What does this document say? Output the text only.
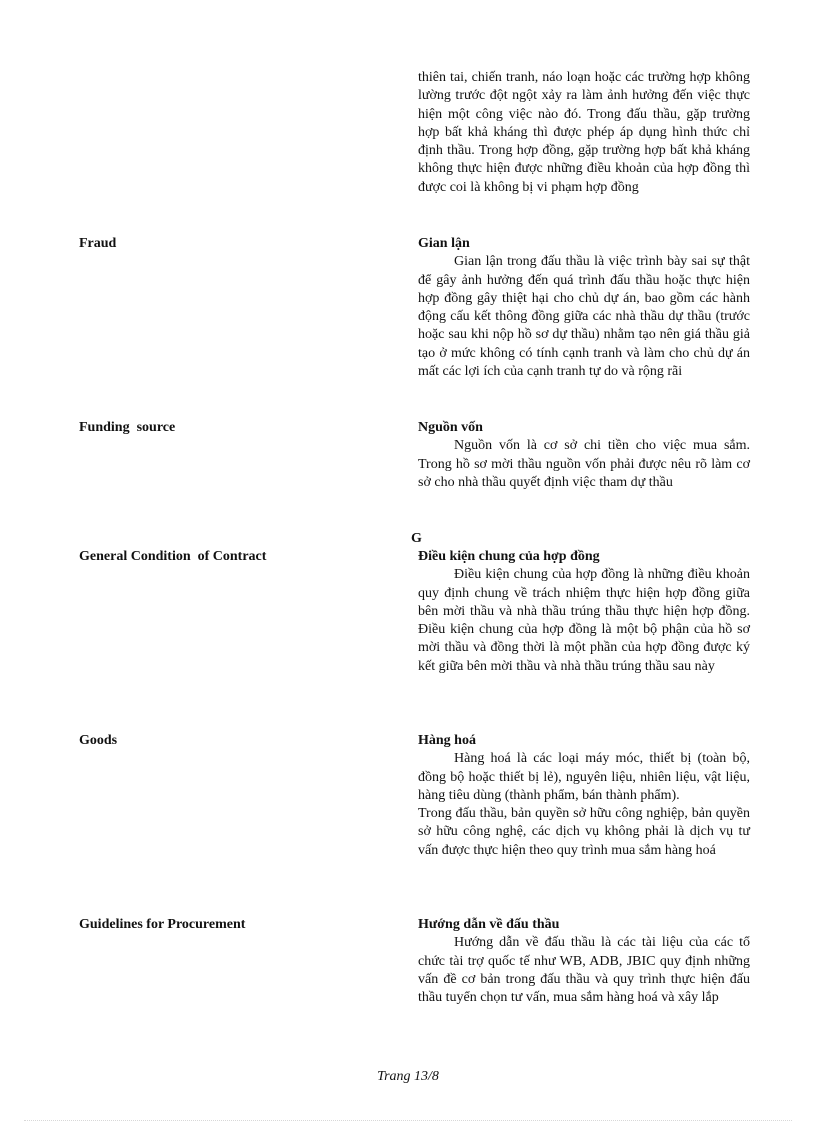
thiên tai, chiến tranh, náo loạn hoặc các trường hợp không lường trước đột ngột xảy ra làm ảnh hưởng đến việc thực hiện một công việc nào đó. Trong đấu thầu, gặp trường hợp bất khả kháng thì được phép áp dụng hình thức chỉ định thầu. Trong hợp đồng, gặp trường hợp bất khả kháng không thực hiện được những điều khoản của hợp đồng thì được coi là không bị vi phạm hợp đồng

Fraud	Gian lận

Gian lận trong đấu thầu là việc trình bày sai sự thật để gây ảnh hưởng đến quá trình đấu thầu hoặc thực hiện hợp đồng gây thiệt hại cho chủ dự án, bao gồm các hành động cấu kết thông đồng giữa các nhà thầu dự thầu (trước hoặc sau khi nộp hồ sơ dự thầu) nhằm tạo nên giá thầu giả tạo ở mức không có tính cạnh tranh và làm cho chủ dự án mất các lợi ích của cạnh tranh tự do và rộng rãi

Funding  source	Nguồn vốn

Nguồn vốn là cơ sở chi tiền cho việc mua sắm. Trong hồ sơ mời thầu nguồn vốn phải được nêu rõ làm cơ sở cho nhà thầu quyết định việc tham dự thầu

G
General Condition  of Contract	Điều kiện chung của hợp đồng

Điều kiện chung của hợp đồng là những điều khoản quy định chung về trách nhiệm thực hiện hợp đồng giữa bên mời thầu và nhà thầu trúng thầu thực hiện hợp đồng. Điều kiện chung của hợp đồng là một bộ phận của hồ sơ mời thầu và đồng thời là một phần của hợp đồng được ký kết giữa bên mời thầu và nhà thầu trúng thầu sau này

Goods	Hàng hoá

Hàng hoá là các loại máy móc, thiết bị (toàn bộ, đồng bộ hoặc thiết bị lẻ), nguyên liệu, nhiên liệu, vật liệu, hàng tiêu dùng (thành phẩm, bán thành phẩm).

Trong đấu thầu, bản quyền sở hữu công nghiệp, bản quyền sở hữu công nghệ, các dịch vụ không phải là dịch vụ tư vấn được thực hiện theo quy trình mua sắm hàng hoá

Guidelines for Procurement	Hướng dẫn về đấu thầu

Hướng dẫn về đấu thầu là các tài liệu của các tổ chức tài trợ quốc tế như WB, ADB, JBIC quy định những vấn đề cơ bản trong đấu thầu và quy trình thực hiện đấu thầu tuyển chọn tư vấn, mua sắm hàng hoá và xây lắp

Trang 13/8
